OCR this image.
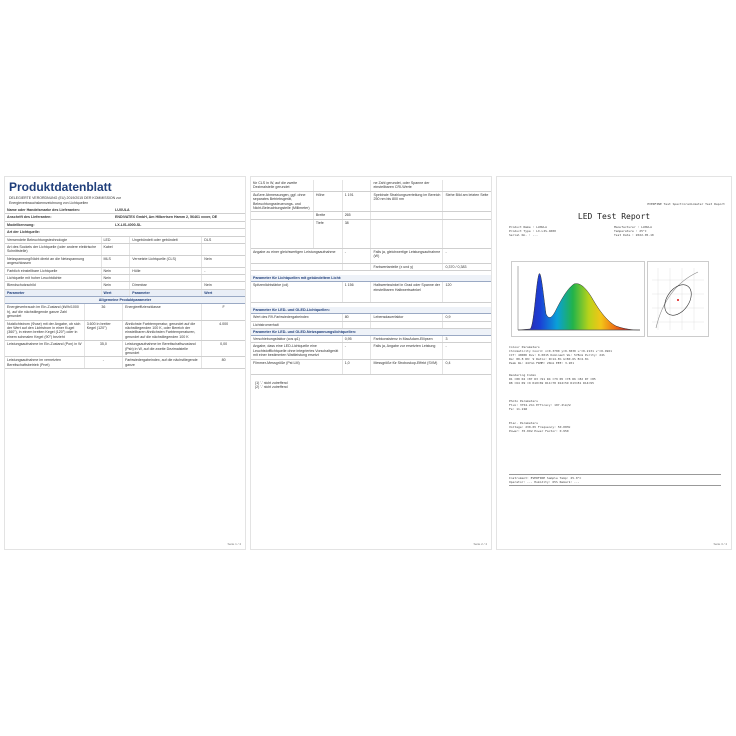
Produktdatenblatt
DELEGIERTE VERORDNUNG (EU) 2019/2015 DER KOMMISSION zur
Energieverbrauchskennzeichnung von Lichtquellen
Name oder Handelsmarke des Lieferanten:	LUXULA
Anschrift des Lieferanten:	ENDIVATEX GmbH, Am Hilbertsen Hamm 2, 56461 xxxer, DE
Modellkennung:	LX-LIS-4000-SL
Art der Lichtquelle:	
Verwendete Beleuchtungstechnologie	LED	Ungebündelt oder gebündelt	DLS
Art des Sockels der Lichtquelle (oder andere elektrische Schnittstelle)	Kabel		
Netzspannung/Nicht direkt an die Netzspannung angeschlossen	MLS	Vernetzte Lichtquelle (CLS)	Nein
Farblich einstellbare Lichtquelle	Nein	Hülle	-
Lichtquelle mit hoher Leuchtdichte	Nein		
Blendschutzschild	Nein	Dimmbar	Nein
Parameter	Wert	Parameter	Wert
Allgemeine Produktparameter
Energieverbrauch im Ein-Zustand (kWh/1000 h), auf die nächstliegende ganze Zahl gerundet	36	Energieeffizienzklasse	F
Nutzlichtstrom (Φuse) mit der Angabe, ob sich der Wert auf den Lichtstrom in einer Kugel (360°), in einem breiten Kegel (120°) oder in einem schmalen Kegel (90°) bezieht	3.600 in breiter Kegel (120°)	Ähnlichste Farbtemperatur, gerundet auf die nächstliegenden 100 K, oder Bereich der einstellbaren ähnlichsten Farbtemperaturen, gerundet auf die nächstliegenden 100 K	4.000
Leistungsaufnahme im Ein-Zustand (Pon) in W	35,0	Leistungsaufnahme im Bereitschaftszustand (Psb) in W, auf die zweite Dezimalstelle gerundet	0,00
Leistungsaufnahme im vernetzten Bereitschaftsbetrieb (Pnet)	-	Farbwiedergabeindex, auf die nächstliegende ganze	80
Seite 1 / 4
für CLS in W, auf die zweite Dezimalstelle gerundet			ne Zahl gerundet, oder Spanne der einstellbaren CRI-Werte	
Äußere Abmessungen, ggf. ohne separates Betriebsgerät, Beleuchtungssteuerungs- und Nicht-Beleuchtungsteile (Millimeter)	Höhe	1 191	Spektrale Strahlungsverteilung im Bereich 250 nm bis 800 nm	Siehe Bild am letzten Seite
	Breite	265		
	Tiefe	38		
Angabe zu einer gleichwertigen Leistungsaufnahme	-	Falls ja, gleichwertige Leistungsaufnahme (W)	-
		Farbwertanteile (x und y)	0,370 / 0,383
Parameter für Lichtquellen mit gebündeltem Licht:
Spitzenlichtstärke (cd)	1 156	Halbwertswinkel in Grad oder Spanne der einstellbaren Halbwertswinkel	120
Parameter für LED- und OLED-Lichtquellen:
Wert des R9-Farbwiedergabeindex	80	Lebensdauerfaktor	0,9
Lichtstromerhalt			
Parameter für LED- und OLED-Netzspannungslichtquellen:
Verschiebungsfaktor (cos φ1)	0,95	Farbkonsistenz in MacAdam-Ellipsen	3
Angabe, dass eine LED-Lichtquelle eine Leuchtstofflichtquelle ohne integriertes Vorschaltgerät mit einer bestimmten Wattleistung ersetzt	-	Falls ja, Angabe zur ersetzten Leistung	-
Flimmer-Messgröße (Pst LM)	1,0	Messgröße für Stroboskop-Effekt (SVM)	0,4
(1) '-' nicht zutreffend
(2) '-' nicht zutreffend
Seite 2 / 4
EVERFINE Test Spectroradiometer Test Report
LED Test Report
Product Name : LUXULA	Manufacturer : LUXULA
Product Type : LX-LIS-4000	Temperature : 25°C
Serial No. : ---	Test Date : 2022-05-10
Colour Parameters
Chromaticity Coord: x=0.3700 y=0.3830 u'=0.2131 v'=0.4961
CCT: 4000K Duv: 0.0015 Dominant WL: 578nm Purity: 24%
Ra: 80.8 R9: 9 Ratio: R=14.8% G=80.6% B=4.6%
Peak WL: 447nm FWHM: 20nm EEE: 3.201
Rendering Index
R1 =80 R2 =87 R3 =91 R4 =79 R5 =78 R6 =82 R7 =85
R8 =64 R9 =9 R10=69 R11=78 R12=59 R13=81 R14=95
Photo Parameters
Flux: 3754.2lm Efficacy: 107.2lm/W
Fe: 11.22W
Elec. Parameters
Voltage: 230.0V Frequency: 50.00Hz
Power: 35.01W Power Factor: 0.950
Instrument: EVERFINE Sample Temp: 25.0°C
Operator: --- Humidity: 65% Remark: ---
Seite 3 / 4
